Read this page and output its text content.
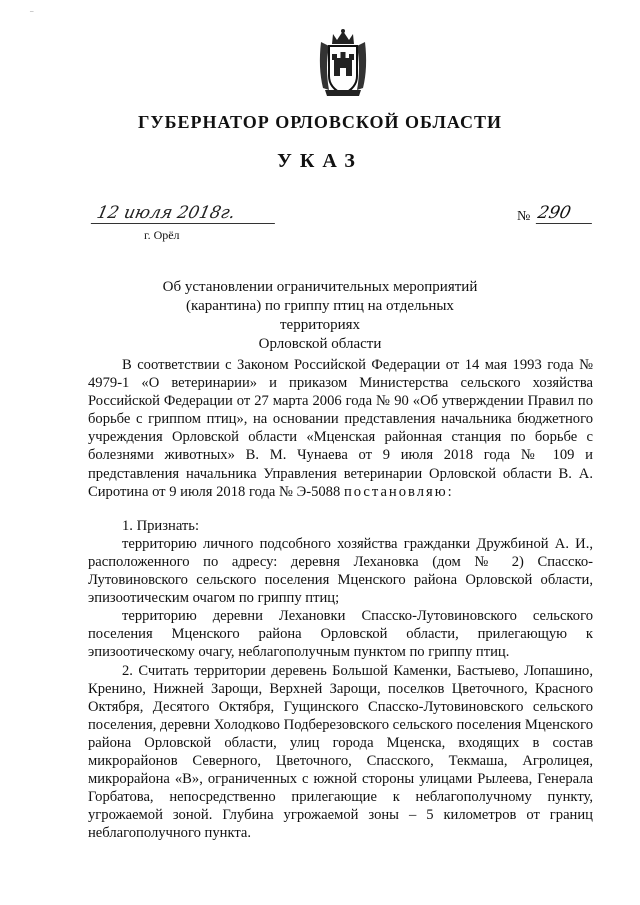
–
ГУБЕРНАТОР ОРЛОВСКОЙ ОБЛАСТИ
УКАЗ
12 июля 2018г.
г. Орёл
№ 290
Об установлении ограничительных мероприятий
(карантина) по гриппу птиц на отдельных территориях
Орловской области

В соответствии с Законом Российской Федерации от 14 мая 1993 года № 4979-1 «О ветеринарии» и приказом Министерства сельского хозяйства Российской Федерации от 27 марта 2006 года № 90 «Об утверждении Правил по борьбе с гриппом птиц», на основании представления начальника бюджетного учреждения Орловской области «Мценская районная станция по борьбе с болезнями животных» В. М. Чунаева от 9 июля 2018 года № 109 и представления начальника Управления ветеринарии Орловской области В. А. Сиротина от 9 июля 2018 года № Э-5088 постановляю:

1. Признать:

территорию личного подсобного хозяйства гражданки Дружбиной А. И., расположенного по адресу: деревня Лехановка (дом № 2) Спасско-Лутовиновского сельского поселения Мценского района Орловской области, эпизоотическим очагом по гриппу птиц;

территорию деревни Лехановки Спасско-Лутовиновского сельского поселения Мценского района Орловской области, прилегающую к эпизоотическому очагу, неблагополучным пунктом по гриппу птиц.

2. Считать территории деревень Большой Каменки, Бастыево, Лопашино, Кренино, Нижней Зарощи, Верхней Зарощи, поселков Цветочного, Красного Октября, Десятого Октября, Гущинского Спасско-Лутовиновского сельского поселения, деревни Холодково Подберезовского сельского поселения Мценского района Орловской области, улиц города Мценска, входящих в состав микрорайонов Северного, Цветочного, Спасского, Текмаша, Агролицея, микрорайона «В», ограниченных с южной стороны улицами Рылеева, Генерала Горбатова, непосредственно прилегающие к неблагополучному пункту, угрожаемой зоной. Глубина угрожаемой зоны – 5 километров от границ неблагополучного пункта.
